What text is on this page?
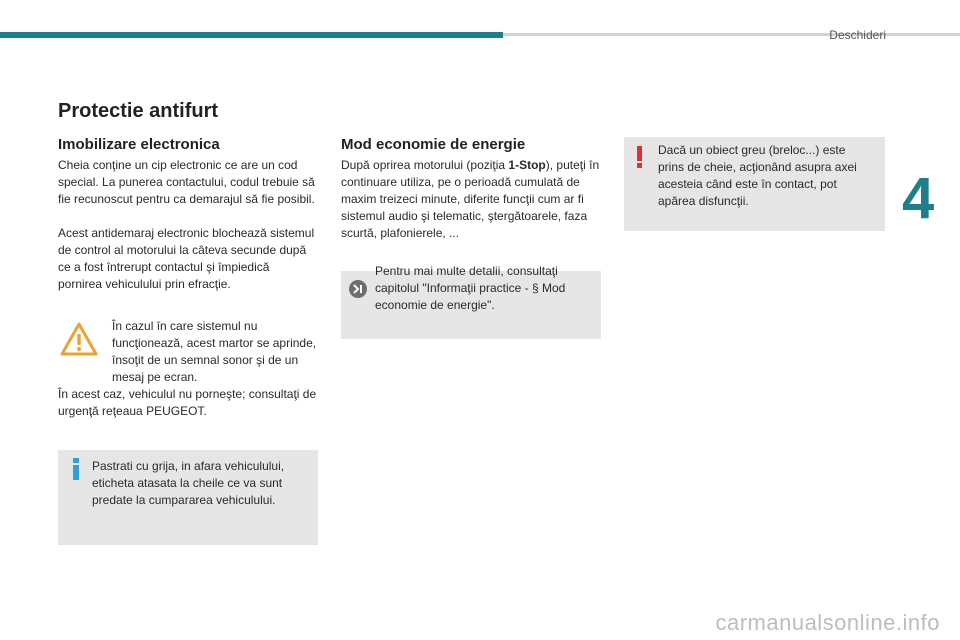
Deschideri
4
Protectie antifurt
Imobilizare electronica

Cheia conţine un cip electronic ce are un cod special. La punerea contactului, codul trebuie să fie recunoscut pentru ca demarajul să fie posibil.

Acest antidemaraj electronic blochează sistemul de control al motorului la câteva secunde după ce a fost întrerupt contactul şi împiedică pornirea vehiculului prin efracţie.

În cazul în care sistemul nu funcţionează, acest martor se aprinde, însoţit de un semnal sonor şi de un mesaj pe ecran.

În acest caz, vehiculul nu porneşte; consultaţi de urgenţă reţeaua PEUGEOT.

Pastrati cu grija, in afara vehiculului, eticheta atasata la cheile ce va sunt predate la cumpararea vehiculului.

Mod economie de energie

După oprirea motorului (poziţia 1-Stop), puteţi în continuare utiliza, pe o perioadă cumulată de maxim treizeci minute, diferite funcţii cum ar fi sistemul audio şi telematic, ştergătoarele, faza scurtă, plafonierele, ...

Pentru mai multe detalii, consultaţi capitolul "Informaţii practice - § Mod economie de energie".

Dacă un obiect greu (breloc...) este prins de cheie, acţionând asupra axei acesteia când este în contact, pot apărea disfuncţii.

carmanualsonline.info
